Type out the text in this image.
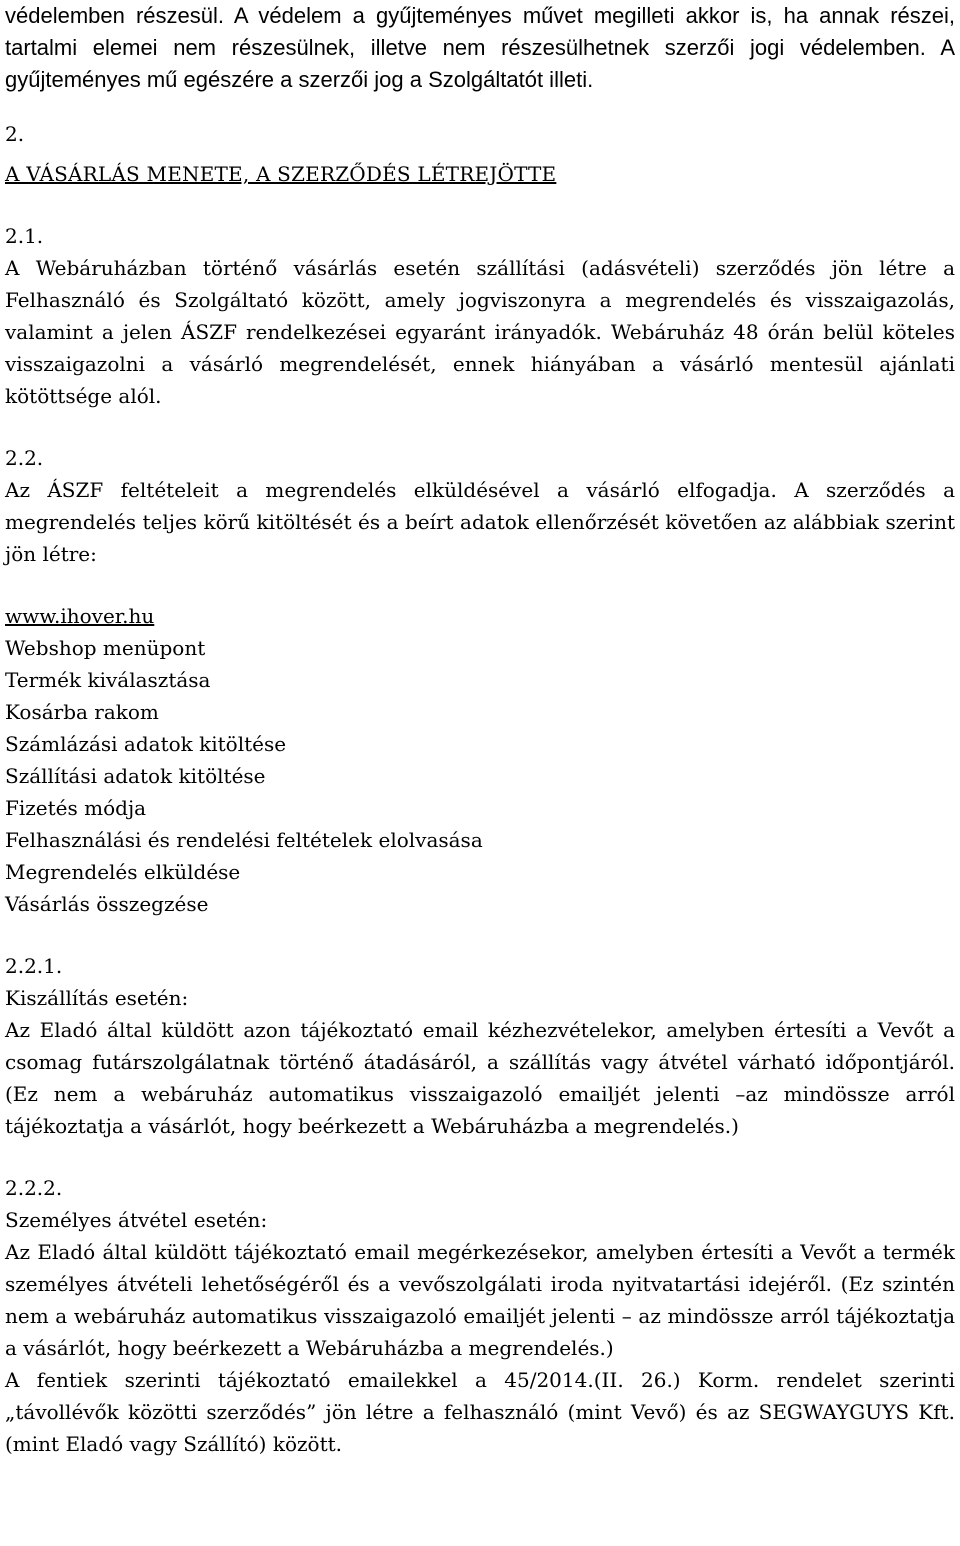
védelemben részesül. A védelem a gyűjteményes művet megilleti akkor is, ha annak részei, tartalmi elemei nem részesülnek, illetve nem részesülhetnek szerzői jogi védelemben. A gyűjteményes mű egészére a szerzői jog a Szolgáltatót illeti.

2.

A VÁSÁRLÁS MENETE, A SZERZŐDÉS LÉTREJÖTTE

2.1.

A Webáruházban történő vásárlás esetén szállítási (adásvételi) szerződés jön létre a Felhasználó és Szolgáltató között, amely jogviszonyra a megrendelés és visszaigazolás, valamint a jelen ÁSZF rendelkezései egyaránt irányadók. Webáruház 48 órán belül köteles visszaigazolni a vásárló megrendelését, ennek hiányában a vásárló mentesül ajánlati kötöttsége alól.

2.2.

Az ÁSZF feltételeit a megrendelés elküldésével a vásárló elfogadja. A szerződés a megrendelés teljes körű kitöltését és a beírt adatok ellenőrzését követően az alábbiak szerint jön létre:

www.ihover.hu

Webshop menüpont

Termék kiválasztása

Kosárba rakom

Számlázási adatok kitöltése

Szállítási adatok kitöltése

Fizetés módja

Felhasználási és rendelési feltételek elolvasása

Megrendelés elküldése

Vásárlás összegzése

2.2.1.

Kiszállítás esetén:

Az Eladó által küldött azon tájékoztató email kézhezvételekor, amelyben értesíti a Vevőt a csomag futárszolgálatnak történő átadásáról, a szállítás vagy átvétel várható időpontjáról. (Ez nem a webáruház automatikus visszaigazoló emailjét jelenti –az mindössze arról tájékoztatja a vásárlót, hogy beérkezett a Webáruházba a megrendelés.)

2.2.2.

Személyes átvétel esetén:

Az Eladó által küldött tájékoztató email megérkezésekor, amelyben értesíti a Vevőt a termék személyes átvételi lehetőségéről és a vevőszolgálati iroda nyitvatartási idejéről. (Ez szintén nem a webáruház automatikus visszaigazoló emailjét jelenti – az mindössze arról tájékoztatja a vásárlót, hogy beérkezett a Webáruházba a megrendelés.)

A fentiek szerinti tájékoztató emailekkel a 45/2014.(II. 26.) Korm. rendelet szerinti „távollévők közötti szerződés” jön létre a felhasználó (mint Vevő) és az SEGWAYGUYS Kft. (mint Eladó vagy Szállító) között.
